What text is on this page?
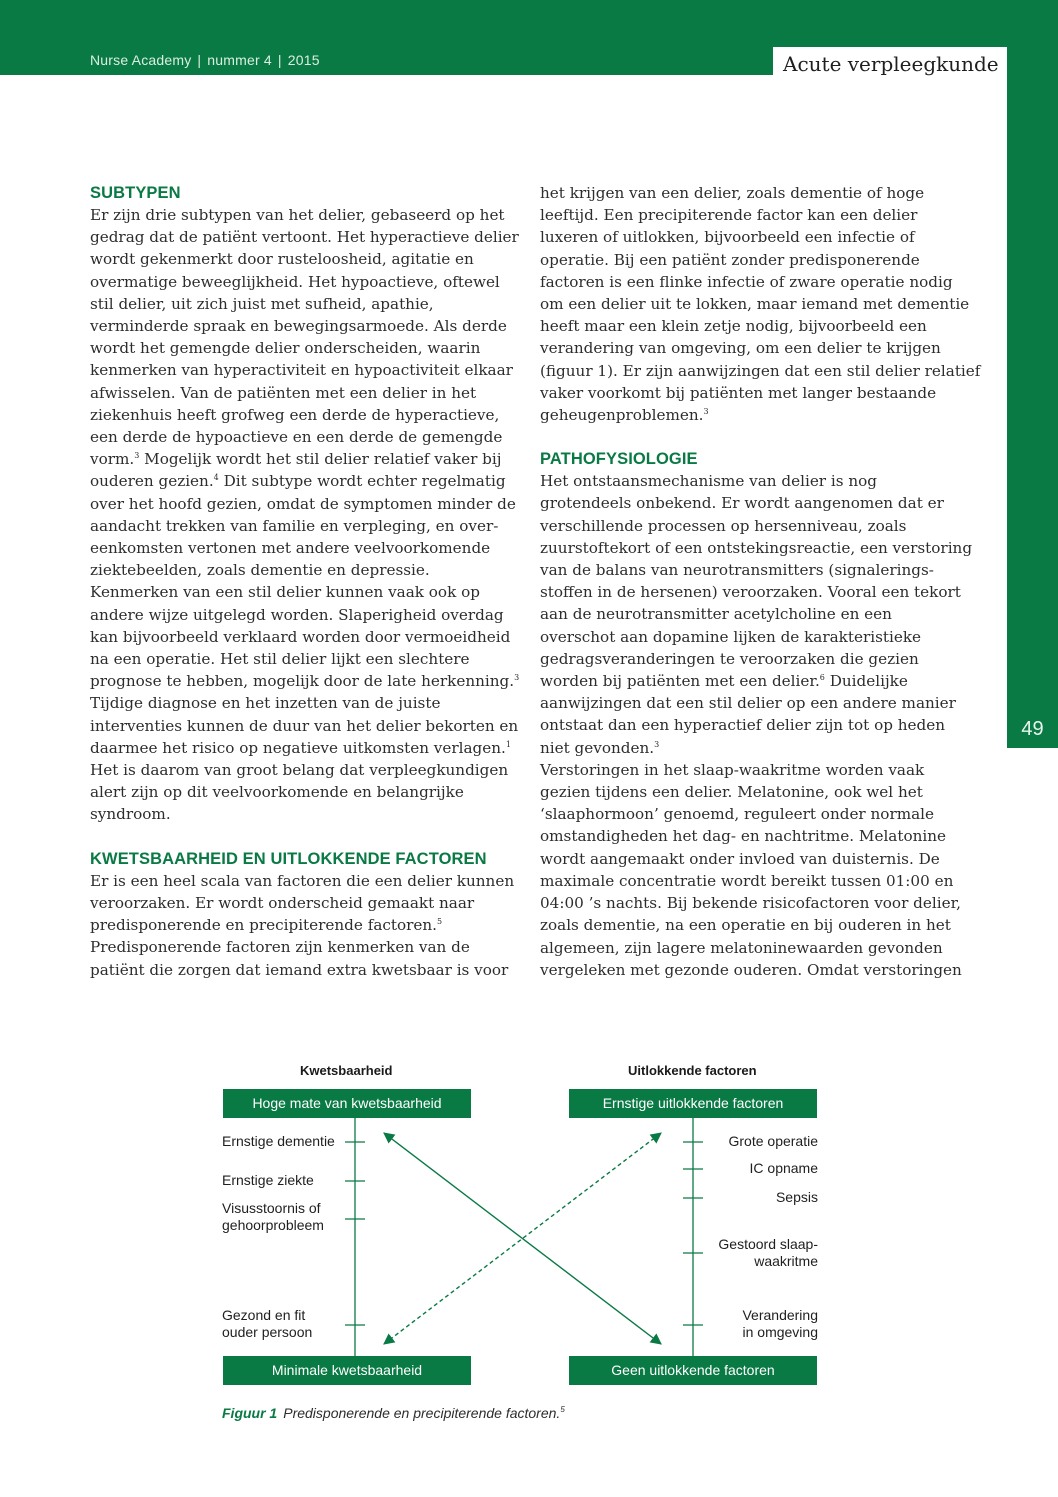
Nurse Academy | nummer 4 | 2015	Acute verpleegkunde
49
SUBTYPEN

Er zijn drie subtypen van het delier, gebaseerd op het
gedrag dat de patiënt vertoont. Het hyperactieve delier
wordt gekenmerkt door rusteloosheid, agitatie en
overmatige beweeglijkheid. Het hypoactieve, oftewel
stil delier, uit zich juist met sufheid, apathie,
verminderde spraak en bewegingsarmoede. Als derde
wordt het gemengde delier onderscheiden, waarin
kenmerken van hyperactiviteit en hypoactiviteit elkaar
afwisselen. Van de patiënten met een delier in het
ziekenhuis heeft grofweg een derde de hyperactieve,
een derde de hypoactieve en een derde de gemengde
vorm.$^3$ Mogelijk wordt het stil delier relatief vaker bij
ouderen gezien.$^4$ Dit subtype wordt echter regelmatig
over het hoofd gezien, omdat de symptomen minder de
aandacht trekken van familie en verpleging, en over-
eenkomsten vertonen met andere veelvoorkomende
ziektebeelden, zoals dementie en depressie.
Kenmerken van een stil delier kunnen vaak ook op
andere wijze uitgelegd worden. Slaperigheid overdag
kan bijvoorbeeld verklaard worden door vermoeidheid
na een operatie. Het stil delier lijkt een slechtere
prognose te hebben, mogelijk door de late herkenning.$^3$
Tijdige diagnose en het inzetten van de juiste
interventies kunnen de duur van het delier bekorten en
daarmee het risico op negatieve uitkomsten verlagen.$^1$
Het is daarom van groot belang dat verpleegkundigen
alert zijn op dit veelvoorkomende en belangrijke
syndroom.

KWETSBAARHEID EN UITLOKKENDE FACTOREN

Er is een heel scala van factoren die een delier kunnen
veroorzaken. Er wordt onderscheid gemaakt naar
predisponerende en precipiterende factoren.$^5$
Predisponerende factoren zijn kenmerken van de
patiënt die zorgen dat iemand extra kwetsbaar is voor

het krijgen van een delier, zoals dementie of hoge
leeftijd. Een precipiterende factor kan een delier
luxeren of uitlokken, bijvoorbeeld een infectie of
operatie. Bij een patiënt zonder predisponerende
factoren is een flinke infectie of zware operatie nodig
om een delier uit te lokken, maar iemand met dementie
heeft maar een klein zetje nodig, bijvoorbeeld een
verandering van omgeving, om een delier te krijgen
(figuur 1). Er zijn aanwijzingen dat een stil delier relatief
vaker voorkomt bij patiënten met langer bestaande
geheugenproblemen.$^3$

PATHOFYSIOLOGIE

Het ontstaansmechanisme van delier is nog
grotendeels onbekend. Er wordt aangenomen dat er
verschillende processen op hersenniveau, zoals
zuurstoftekort of een ontstekingsreactie, een verstoring
van de balans van neurotransmitters (signalerings-
stoffen in de hersenen) veroorzaken. Vooral een tekort
aan de neurotransmitter acetylcholine en een
overschot aan dopamine lijken de karakteristieke
gedragsveranderingen te veroorzaken die gezien
worden bij patiënten met een delier.$^6$ Duidelijke
aanwijzingen dat een stil delier op een andere manier
ontstaat dan een hyperactief delier zijn tot op heden
niet gevonden.$^3$
Verstoringen in het slaap-waakritme worden vaak
gezien tijdens een delier. Melatonine, ook wel het
‘slaaphormoon’ genoemd, reguleert onder normale
omstandigheden het dag- en nachtritme. Melatonine
wordt aangemaakt onder invloed van duisternis. De
maximale concentratie wordt bereikt tussen 01:00 en
04:00 ’s nachts. Bij bekende risicofactoren voor delier,
zoals dementie, na een operatie en bij ouderen in het
algemeen, zijn lagere melatoninewaarden gevonden
vergeleken met gezonde ouderen. Omdat verstoringen

Kwetsbaarheid	Uitlokkende factoren
Hoge mate van kwetsbaarheid
Minimale kwetsbaarheid
Ernstige uitlokkende factoren
Geen uitlokkende factoren
Ernstige dementie
Ernstige ziekte
Visusstoornis of
gehoorprobleem
Gezond en fit
ouder persoon
Grote operatie
IC opname
Sepsis
Gestoord slaap-
waakritme
Verandering
in omgeving
Figuur 1 Predisponerende en precipiterende factoren.$^5$
